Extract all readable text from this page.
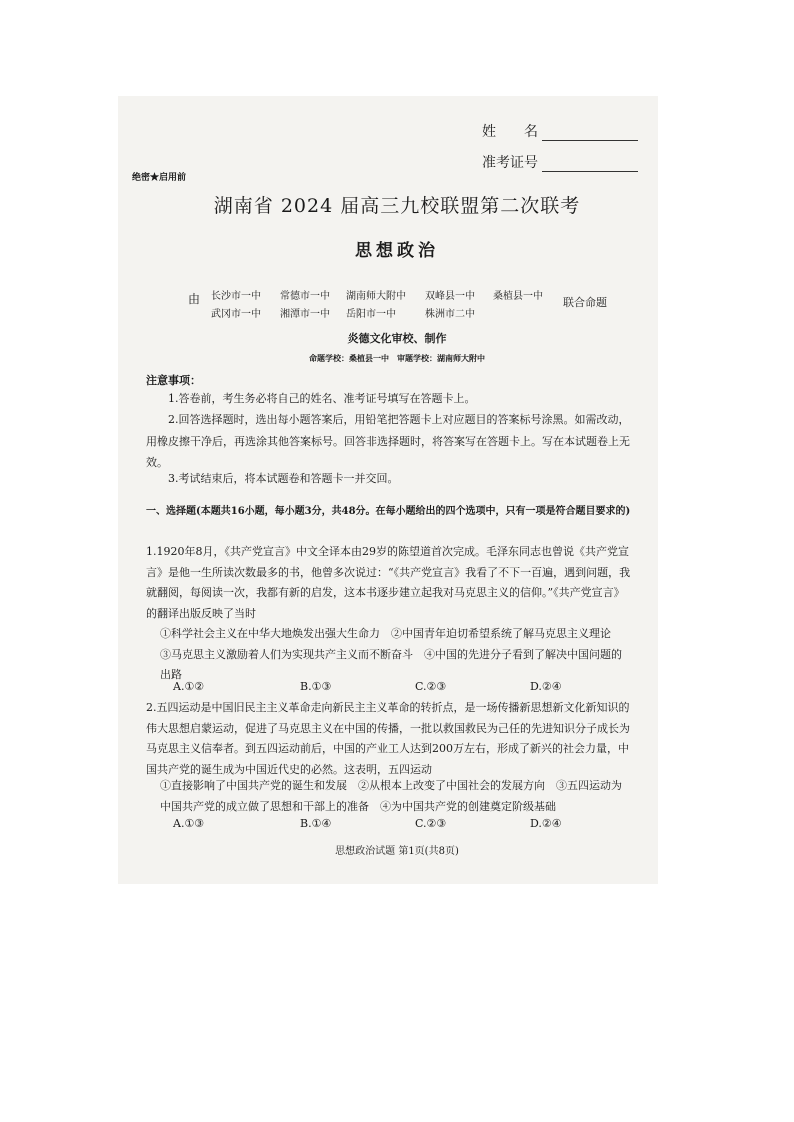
姓　　名
准考证号
绝密★启用前
湖南省 2024 届高三九校联盟第二次联考
思想政治
由 长沙市一中 常德市一中 湖南师大附中 双峰县一中 桑植县一中
武冈市一中 湘潭市一中 岳阳市一中	株洲市二中
联合命题
炎德文化审校、制作
命题学校：桑植县一中　审题学校：湖南师大附中
注意事项：
1.答卷前，考生务必将自己的姓名、准考证号填写在答题卡上。
2.回答选择题时，选出每小题答案后，用铅笔把答题卡上对应题目的答案标号涂黑。如需改动，用橡皮擦干净后，再选涂其他答案标号。回答非选择题时，将答案写在答题卡上。写在本试题卷上无效。
3.考试结束后，将本试题卷和答题卡一并交回。
一、选择题(本题共16小题，每小题3分，共48分。在每小题给出的四个选项中，只有一项是符合题目要求的)
1.1920年8月，《共产党宣言》中文全译本由29岁的陈望道首次完成。毛泽东同志也曾说《共产党宣言》是他一生所读次数最多的书，他曾多次说过：“《共产党宣言》我看了不下一百遍，遇到问题，我就翻阅，每阅读一次，我都有新的启发，这本书逐步建立起我对马克思主义的信仰。”《共产党宣言》的翻译出版反映了当时
①科学社会主义在中华大地焕发出强大生命力　②中国青年迫切希望系统了解马克思主义理论　③马克思主义激励着人们为实现共产主义而不断奋斗　④中国的先进分子看到了解决中国问题的出路
A.①②	B.①③	C.②③	D.②④
2.五四运动是中国旧民主主义革命走向新民主主义革命的转折点，是一场传播新思想新文化新知识的伟大思想启蒙运动，促进了马克思主义在中国的传播，一批以救国救民为己任的先进知识分子成长为马克思主义信奉者。到五四运动前后，中国的产业工人达到200万左右，形成了新兴的社会力量，中国共产党的诞生成为中国近代史的必然。这表明，五四运动
①直接影响了中国共产党的诞生和发展　②从根本上改变了中国社会的发展方向　③五四运动为中国共产党的成立做了思想和干部上的准备　④为中国共产党的创建奠定阶级基础
A.①③	B.①④	C.②③	D.②④
思想政治试题 第1页(共8页)
